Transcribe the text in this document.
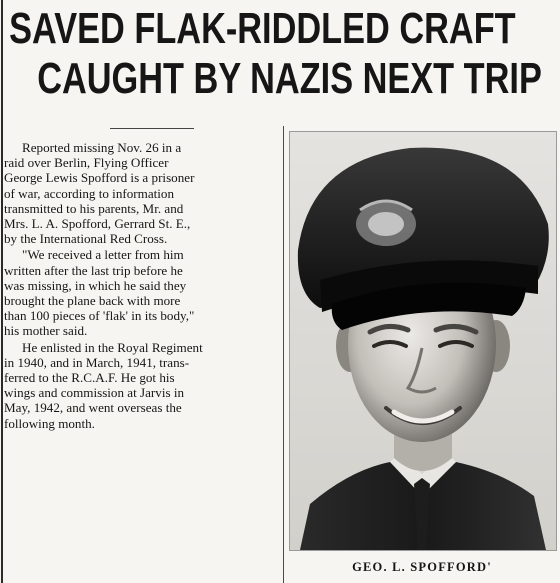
SAVED FLAK-RIDDLED CRAFT
CAUGHT BY NAZIS NEXT TRIP

Reported missing Nov. 26 in a
raid over Berlin, Flying Officer
George Lewis Spofford is a prisoner
of war, according to information
transmitted to his parents, Mr. and
Mrs. L. A. Spofford, Gerrard St. E.,
by the International Red Cross.

"We received a letter from him
written after the last trip before he
was missing, in which he said they
brought the plane back with more
than 100 pieces of 'flak' in its body,"
his mother said.

He enlisted in the Royal Regiment
in 1940, and in March, 1941, trans-
ferred to the R.C.A.F. He got his
wings and commission at Jarvis in
May, 1942, and went overseas the
following month.

GEO. L. SPOFFORD'
